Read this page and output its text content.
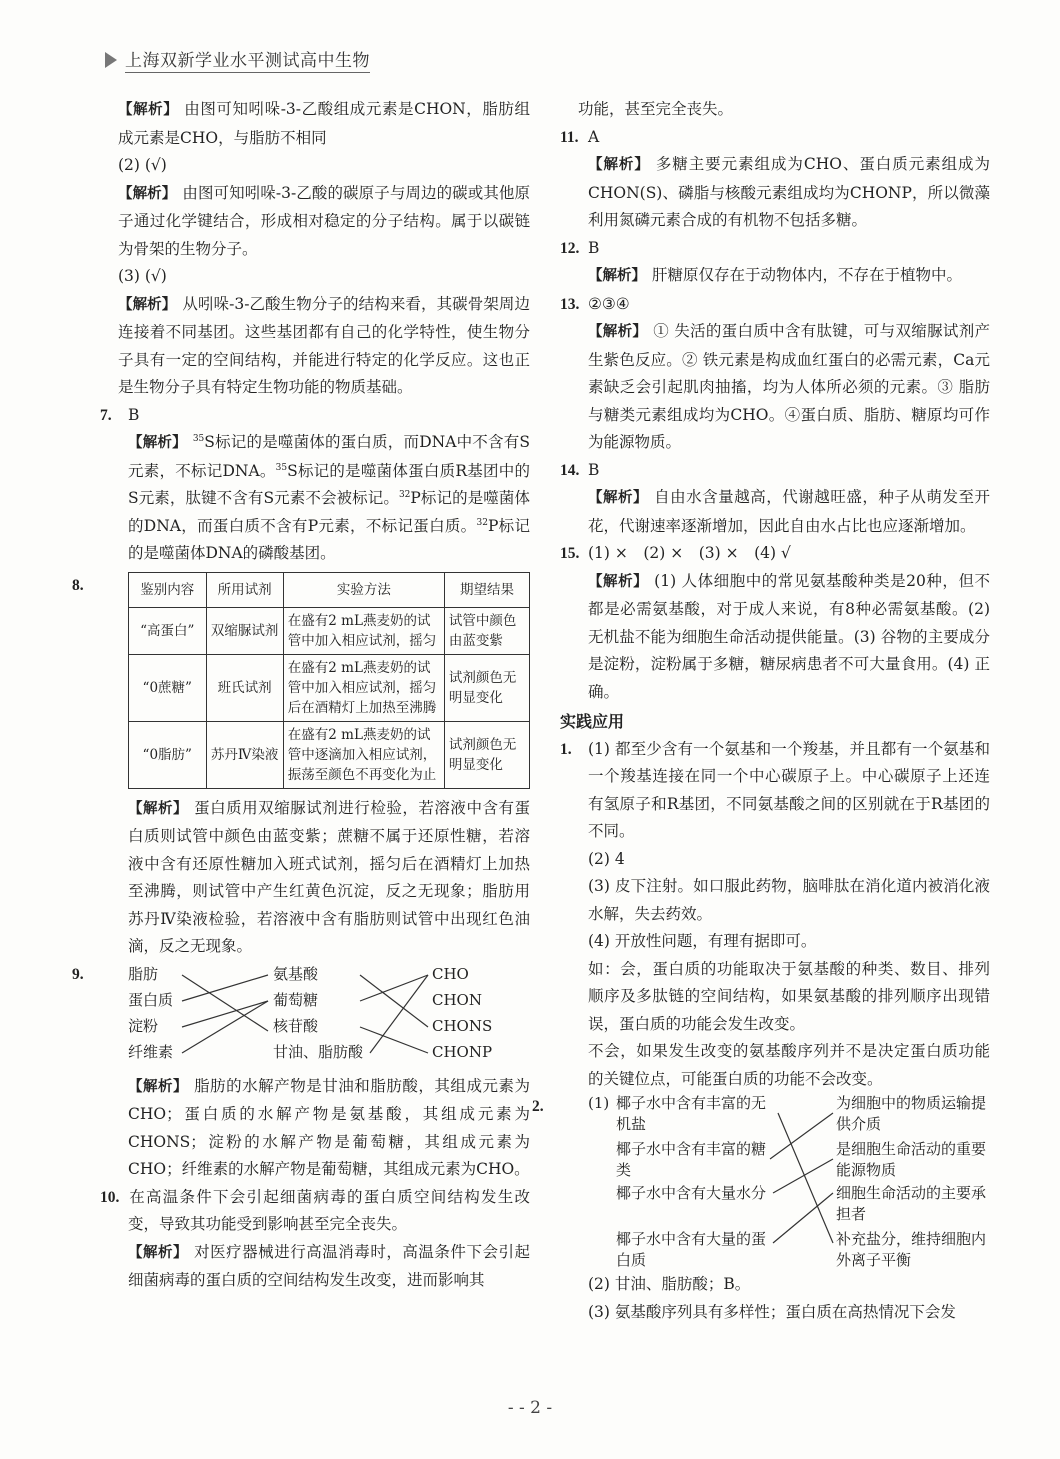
上海双新学业水平测试高中生物

【解析】 由图可知吲哚-3-乙酸组成元素是CHON，脂肪组成元素是CHO，与脂肪不相同

(2) (√)

【解析】 由图可知吲哚-3-乙酸的碳原子与周边的碳或其他原子通过化学键结合，形成相对稳定的分子结构。属于以碳链为骨架的生物分子。

(3) (√)

【解析】 从吲哚-3-乙酸生物分子的结构来看，其碳骨架周边连接着不同基团。这些基团都有自己的化学特性，使生物分子具有一定的空间结构，并能进行特定的化学反应。这也正是生物分子具有特定生物功能的物质基础。

7. B

【解析】 $^{35}$S标记的是噬菌体的蛋白质，而DNA中不含有S元素，不标记DNA。$^{35}$S标记的是噬菌体蛋白质R基团中的S元素，肽键不含有S元素不会被标记。$^{32}$P标记的是噬菌体的DNA，而蛋白质不含有P元素，不标记蛋白质。$^{32}$P标记的是噬菌体DNA的磷酸基团。

8.	鉴别内容	所用试剂	实验方法	期望结果
“高蛋白”	双缩脲试剂	在盛有2 mL燕麦奶的试管中加入相应试剂，摇匀	试管中颜色由蓝变紫
“0蔗糖”	班氏试剂	在盛有2 mL燕麦奶的试管中加入相应试剂，摇匀后在酒精灯上加热至沸腾	试剂颜色无明显变化
“0脂肪”	苏丹Ⅳ染液	在盛有2 mL燕麦奶的试管中逐滴加入相应试剂，振荡至颜色不再变化为止	试剂颜色无明显变化

【解析】 蛋白质用双缩脲试剂进行检验，若溶液中含有蛋白质则试管中颜色由蓝变紫；蔗糖不属于还原性糖，若溶液中含有还原性糖加入班式试剂，摇匀后在酒精灯上加热至沸腾，则试管中产生红黄色沉淀，反之无现象；脂肪用苏丹Ⅳ染液检验，若溶液中含有脂肪则试管中出现红色油滴，反之无现象。

9.	脂肪
蛋白质
淀粉
纤维素
氨基酸
葡萄糖
核苷酸
甘油、脂肪酸
CHO
CHON
CHONS
CHONP

【解析】 脂肪的水解产物是甘油和脂肪酸，其组成元素为CHO；蛋白质的水解产物是氨基酸，其组成元素为CHONS；淀粉的水解产物是葡萄糖，其组成元素为CHO；纤维素的水解产物是葡萄糖，其组成元素为CHO。

10. 在高温条件下会引起细菌病毒的蛋白质空间结构发生改变，导致其功能受到影响甚至完全丧失。

【解析】 对医疗器械进行高温消毒时，高温条件下会引起细菌病毒的蛋白质的空间结构发生改变，进而影响其

功能，甚至完全丧失。

11. A

【解析】 多糖主要元素组成为CHO、蛋白质元素组成为CHON(S)、磷脂与核酸元素组成均为CHONP，所以微藻利用氮磷元素合成的有机物不包括多糖。

12. B

【解析】 肝糖原仅存在于动物体内，不存在于植物中。

13. ②③④

【解析】 ① 失活的蛋白质中含有肽键，可与双缩脲试剂产生紫色反应。② 铁元素是构成血红蛋白的必需元素，Ca元素缺乏会引起肌肉抽搐，均为人体所必须的元素。③ 脂肪与糖类元素组成均为CHO。④蛋白质、脂肪、糖原均可作为能源物质。

14. B

【解析】 自由水含量越高，代谢越旺盛，种子从萌发至开花，代谢速率逐渐增加，因此自由水占比也应逐渐增加。

15. (1) ×　(2) ×　(3) ×　(4) √

【解析】 (1) 人体细胞中的常见氨基酸种类是20种，但不都是必需氨基酸，对于成人来说，有8种必需氨基酸。(2) 无机盐不能为细胞生命活动提供能量。(3) 谷物的主要成分是淀粉，淀粉属于多糖，糖尿病患者不可大量食用。(4) 正确。

实践应用

1. (1) 都至少含有一个氨基和一个羧基，并且都有一个氨基和一个羧基连接在同一个中心碳原子上。中心碳原子上还连有氢原子和R基团，不同氨基酸之间的区别就在于R基团的不同。

(2) 4

(3) 皮下注射。如口服此药物，脑啡肽在消化道内被消化液水解，失去药效。

(4) 开放性问题，有理有据即可。

如：会，蛋白质的功能取决于氨基酸的种类、数目、排列顺序及多肽链的空间结构，如果氨基酸的排列顺序出现错误，蛋白质的功能会发生改变。

不会，如果发生改变的氨基酸序列并不是决定蛋白质功能的关键位点，可能蛋白质的功能不会改变。

2.	(1) 椰子水中含有丰富的无机盐
椰子水中含有丰富的糖类
椰子水中含有大量水分
椰子水中含有大量的蛋白质
为细胞中的物质运输提供介质
是细胞生命活动的重要能源物质
细胞生命活动的主要承担者
补充盐分，维持细胞内外离子平衡

(2) 甘油、脂肪酸；B。

(3) 氨基酸序列具有多样性；蛋白质在高热情况下会发

- - 2 -
